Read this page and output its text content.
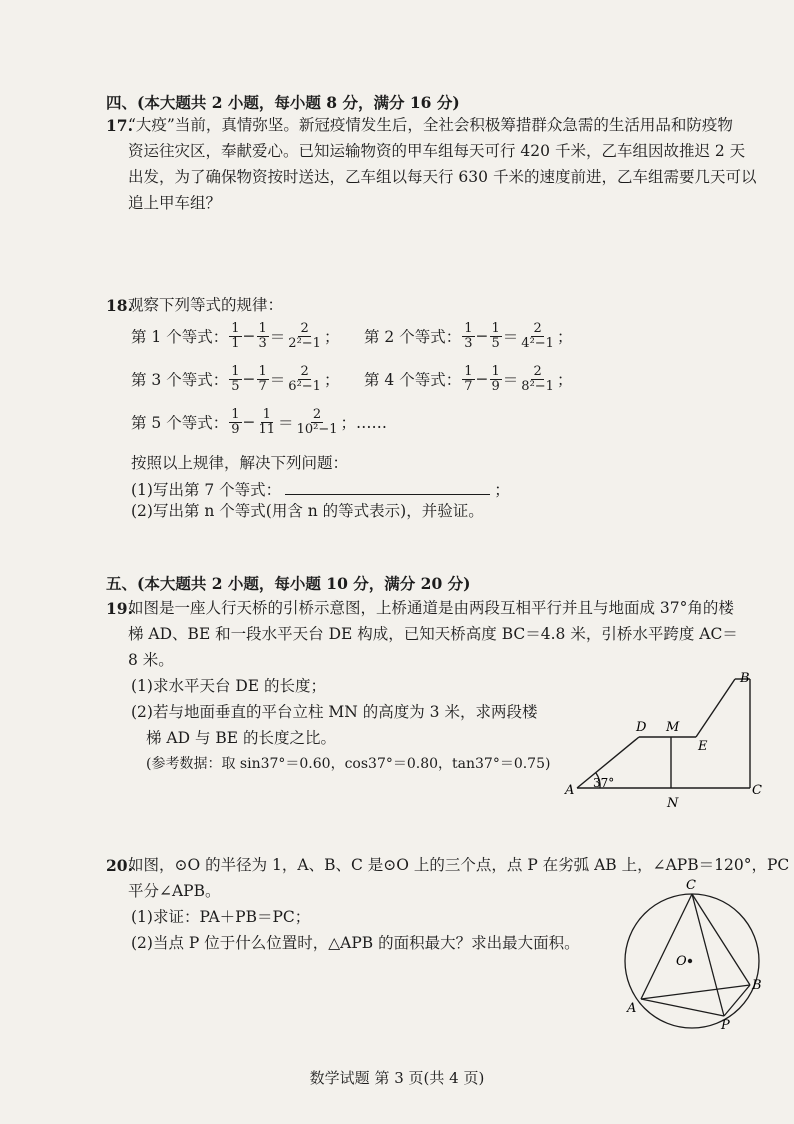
四、(本大题共 2 小题，每小题 8 分，满分 16 分)
17.
“大疫”当前，真情弥坚。新冠疫情发生后，全社会积极筹措群众急需的生活用品和防疫物
资运往灾区，奉献爱心。已知运输物资的甲车组每天可行 420 千米，乙车组因故推迟 2 天
出发，为了确保物资按时送达，乙车组以每天行 630 千米的速度前进，乙车组需要几天可以
追上甲车组？
18.
观察下列等式的规律：
第 1 个等式： $\frac{1}{1} - \frac{1}{3} = \frac{2}{\text{2²−1}}$ ； 第 2 个等式： $\frac{1}{3} - \frac{1}{5} = \frac{2}{\text{4²−1}}$ ；
第 3 个等式： $\frac{1}{5} - \frac{1}{7} = \frac{2}{\text{6²−1}}$ ； 第 4 个等式： $\frac{1}{7} - \frac{1}{9} = \frac{2}{\text{8²−1}}$ ；
第 5 个等式： $\frac{1}{9} - \frac{1}{11} = \frac{2}{\text{10²−1}}$ ；……
按照以上规律，解决下列问题：
(1)写出第 7 个等式：	；
(2)写出第 n 个等式(用含 n 的等式表示)，并验证。
五、(本大题共 2 小题，每小题 10 分，满分 20 分)
19.
如图是一座人行天桥的引桥示意图，上桥通道是由两段互相平行并且与地面成 37°角的楼
梯 AD、BE 和一段水平天台 DE 构成，已知天桥高度 BC＝4.8 米，引桥水平跨度 AC＝
8 米。
(1)求水平天台 DE 的长度；
(2)若与地面垂直的平台立柱 MN 的高度为 3 米，求两段楼
梯 AD 与 BE 的长度之比。
(参考数据：取 sin37°＝0.60，cos37°＝0.80，tan37°＝0.75)
A
B
C
D
E
M
N
37°
20.
如图，⊙O 的半径为 1，A、B、C 是⊙O 上的三个点，点 P 在劣弧 AB 上，∠APB＝120°，PC
平分∠APB。
(1)求证：PA＋PB＝PC；
(2)当点 P 位于什么位置时，△APB 的面积最大？求出最大面积。
C
B
A
P
O
数学试题 第 3 页(共 4 页)
